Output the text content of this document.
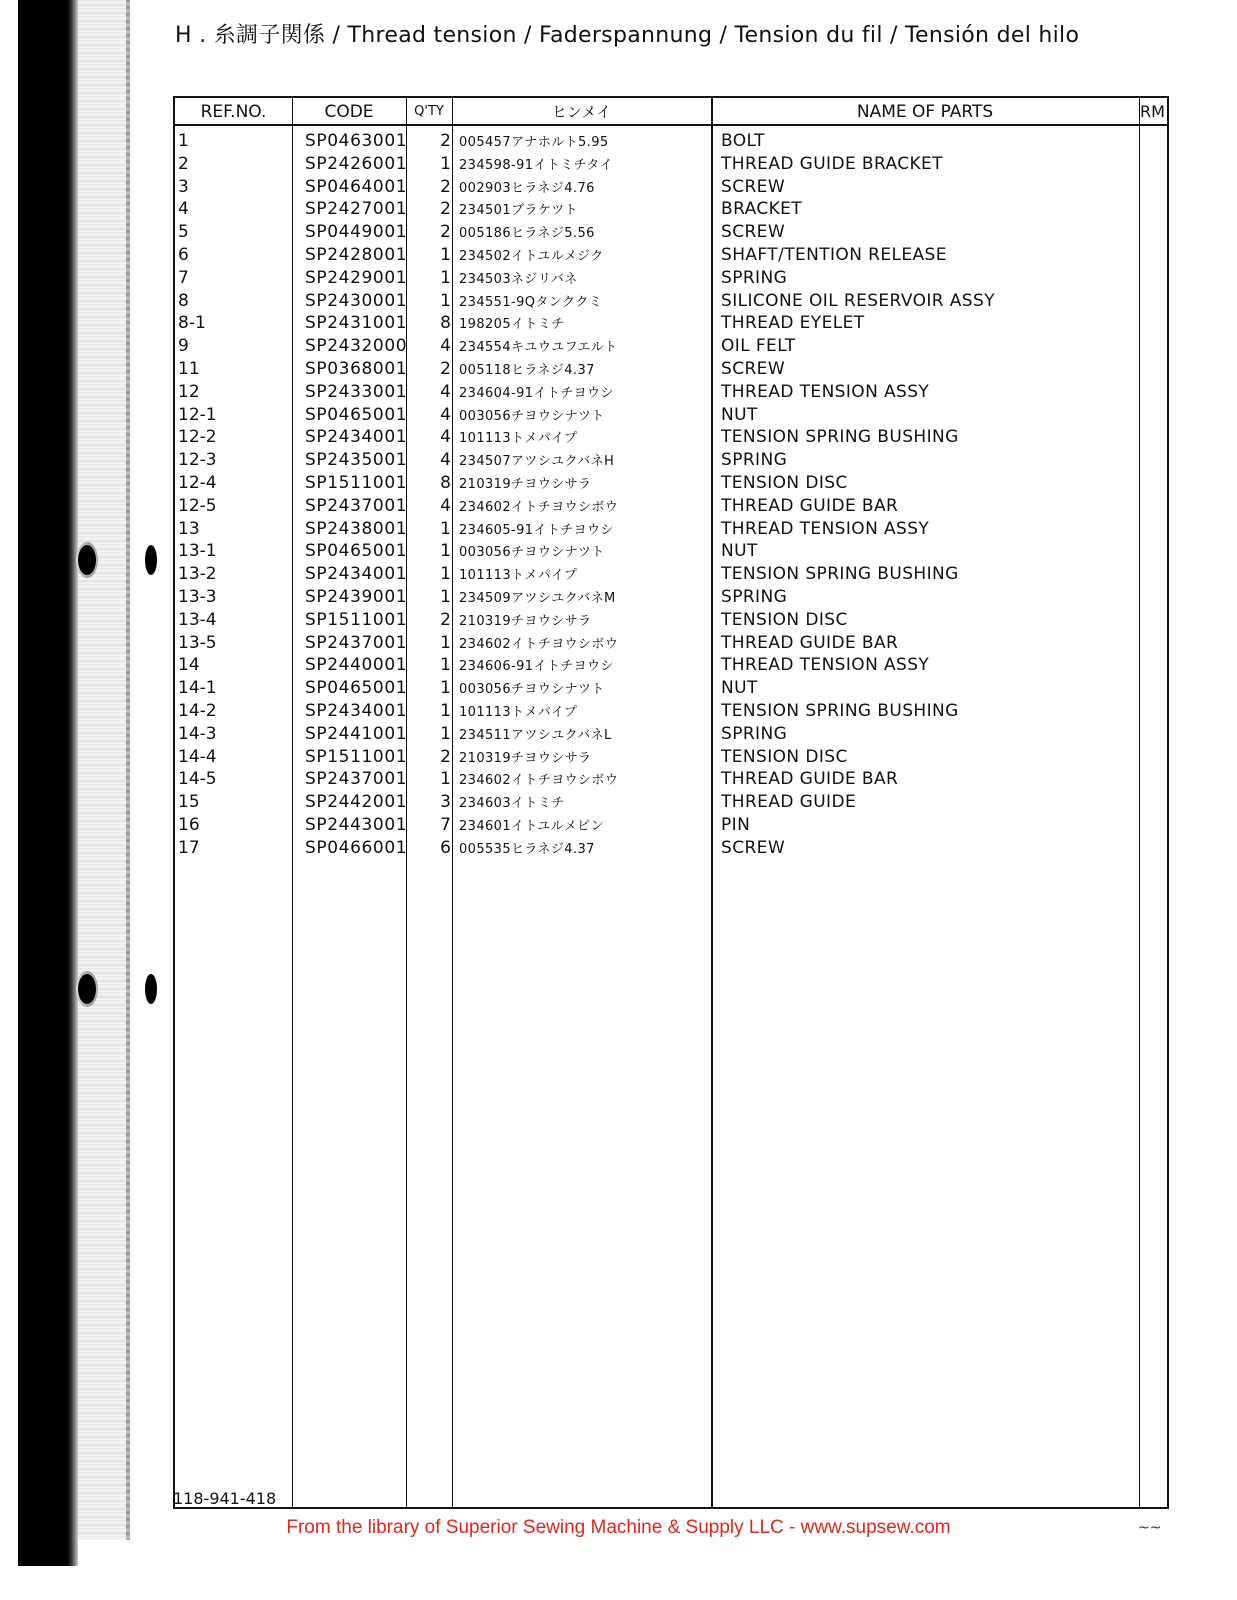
H . 糸調子関係 / Thread tension / Faderspannung / Tension du fil / Tensión del hilo
REF.NO.	CODE	Q'TY	ヒンメイ	NAME OF PARTS	RM
1	SP0463001	2 005457アナホルト5.95	BOLT
2	SP2426001	1 234598-91イトミチタイ	THREAD GUIDE BRACKET
3	SP0464001	2 002903ヒラネジ4.76	SCREW
4	SP2427001	2 234501ブラケツト	BRACKET
5	SP0449001	2 005186ヒラネジ5.56	SCREW
6	SP2428001	1 234502イトユルメジク	SHAFT/TENTION RELEASE
7	SP2429001	1 234503ネジリバネ	SPRING
8	SP2430001	1 234551-9Qタンククミ	SILICONE OIL RESERVOIR ASSY
8-1	SP2431001	8 198205イトミチ	THREAD EYELET
9	SP2432000	4 234554キユウユフエルト	OIL FELT
11	SP0368001	2 005118ヒラネジ4.37	SCREW
12	SP2433001	4 234604-91イトチヨウシ	THREAD TENSION ASSY
12-1	SP0465001	4 003056チヨウシナツト	NUT
12-2	SP2434001	4 101113トメパイプ	TENSION SPRING BUSHING
12-3	SP2435001	4 234507アツシユクバネH	SPRING
12-4	SP1511001	8 210319チヨウシサラ	TENSION DISC
12-5	SP2437001	4 234602イトチヨウシボウ	THREAD GUIDE BAR
13	SP2438001	1 234605-91イトチヨウシ	THREAD TENSION ASSY
13-1	SP0465001	1 003056チヨウシナツト	NUT
13-2	SP2434001	1 101113トメパイプ	TENSION SPRING BUSHING
13-3	SP2439001	1 234509アツシユクバネM	SPRING
13-4	SP1511001	2 210319チヨウシサラ	TENSION DISC
13-5	SP2437001	1 234602イトチヨウシボウ	THREAD GUIDE BAR
14	SP2440001	1 234606-91イトチヨウシ	THREAD TENSION ASSY
14-1	SP0465001	1 003056チヨウシナツト	NUT
14-2	SP2434001	1 101113トメパイプ	TENSION SPRING BUSHING
14-3	SP2441001	1 234511アツシユクバネL	SPRING
14-4	SP1511001	2 210319チヨウシサラ	TENSION DISC
14-5	SP2437001	1 234602イトチヨウシボウ	THREAD GUIDE BAR
15	SP2442001	3 234603イトミチ	THREAD GUIDE
16	SP2443001	7 234601イトユルメピン	PIN
17	SP0466001	6 005535ヒラネジ4.37	SCREW
118-941-418
From the library of Superior Sewing Machine & Supply LLC - www.supsew.com	~~
